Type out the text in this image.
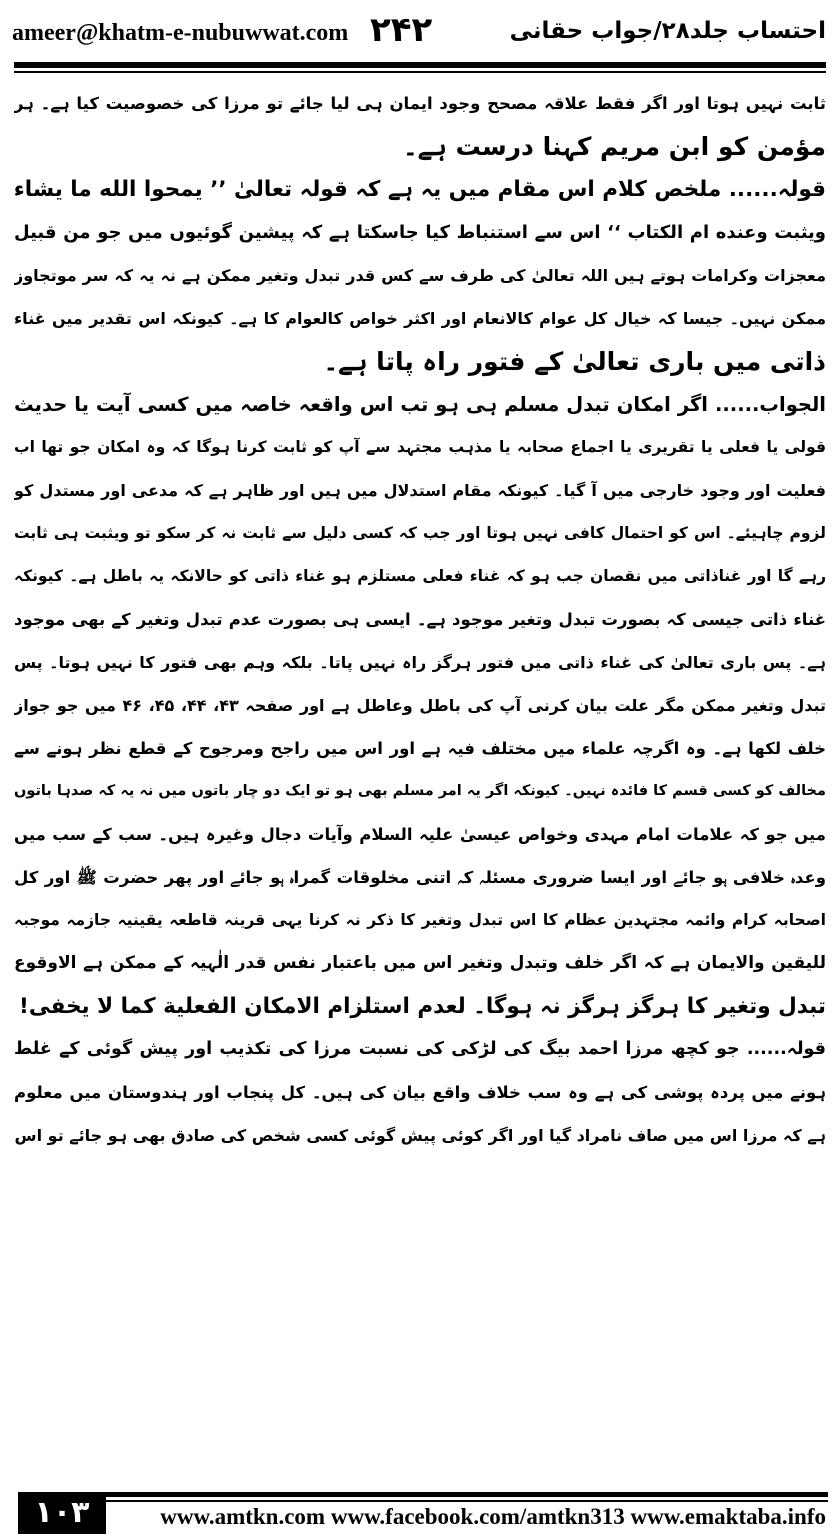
ameer@khatm-e-nubuwwat.com ۲۴۲	احتساب جلد۲۸/جواب حقانی
ثابت نہیں ہوتا اور اگر فقط علاقہ مصحح وجود ایمان ہی لیا جائے تو مرزا کی خصوصیت کیا ہے۔ ہر
مؤمن کو ابن مریم کہنا درست ہے۔
قولہ...... ملخص کلام اس مقام میں یہ ہے کہ قولہ تعالیٰ ’’ یمحوا الله ما یشاء
ویثبت وعنده ام الکتاب ‘‘ اس سے استنباط کیا جاسکتا ہے کہ پیشین گوئیوں میں جو من قبیل
معجزات وکرامات ہوتے ہیں اللہ تعالیٰ کی طرف سے کس قدر تبدل وتغیر ممکن ہے نہ یہ کہ سر موتجاوز
ممکن نہیں۔ جیسا کہ خیال کل عوام کالانعام اور اکثر خواص کالعوام کا ہے۔ کیونکہ اس تقدیر میں غناء
ذاتی میں باری تعالیٰ کے فتور راہ پاتا ہے۔
الجواب...... اگر امکان تبدل مسلم ہی ہو تب اس واقعہ خاصہ میں کسی آیت یا حدیث
قولی یا فعلی یا تقریری یا اجماع صحابہ یا مذہب مجتہد سے آپ کو ثابت کرنا ہوگا کہ وہ امکان جو تھا اب
فعلیت اور وجود خارجی میں آ گیا۔ کیونکہ مقام استدلال میں ہیں اور ظاہر ہے کہ مدعی اور مستدل کو
لزوم چاہیئے۔ اس کو احتمال کافی نہیں ہوتا اور جب کہ کسی دلیل سے ثابت نہ کر سکو تو ویثبت ہی ثابت
رہے گا اور غناذاتی میں نقصان جب ہو کہ غناء فعلی مستلزم ہو غناء ذاتی کو حالانکہ یہ باطل ہے۔ کیونکہ
غناء ذاتی جیسی کہ بصورت تبدل وتغیر موجود ہے۔ ایسی ہی بصورت عدم تبدل وتغیر کے بھی موجود
ہے۔ پس باری تعالیٰ کی غناء ذاتی میں فتور ہرگز راہ نہیں پاتا۔ بلکہ وہم بھی فتور کا نہیں ہوتا۔ پس
تبدل وتغیر ممکن مگر علت بیان کرنی آپ کی باطل وعاطل ہے اور صفحہ ۴۳، ۴۴، ۴۵، ۴۶ میں جو جواز
خلف لکھا ہے۔ وہ اگرچہ علماء میں مختلف فیہ ہے اور اس میں راجح ومرجوح کے قطع نظر ہونے سے
مخالف کو کسی قسم کا فائدہ نہیں۔ کیونکہ اگر یہ امر مسلم بھی ہو تو ایک دو چار باتوں میں نہ یہ کہ صدہا باتوں
میں جو کہ علامات امام مہدی وخواص عیسیٰ علیہ السلام وآیات دجال وغیرہ ہیں۔ سب کے سب میں
وعدہ خلافی ہو جائے اور ایسا ضروری مسئلہ کہ اتنی مخلوقات گمراہ ہو جائے اور پھر حضرت ﷺ اور کل
اصحابہ کرام وائمہ مجتہدین عظام کا اس تبدل وتغیر کا ذکر نہ کرنا یہی قرینہ قاطعہ یقینیہ جازمہ موجبہ
للیقین والایمان ہے کہ اگر خلف وتبدل وتغیر اس میں باعتبار نفس قدر الٰہیہ کے ممکن ہے الاوقوع
تبدل وتغیر کا ہرگز ہرگز نہ ہوگا۔ لعدم استلزام الامکان الفعلیة کما لا یخفی!
قولہ...... جو کچھ مرزا احمد بیگ کی لڑکی کی نسبت مرزا کی تکذیب اور پیش گوئی کے غلط
ہونے میں پردہ پوشی کی ہے وہ سب خلاف واقع بیان کی ہیں۔ کل پنجاب اور ہندوستان میں معلوم
ہے کہ مرزا اس میں صاف نامراد گیا اور اگر کوئی پیش گوئی کسی شخص کی صادق بھی ہو جائے تو اس
۱۰۳	www.amtkn.com www.facebook.com/amtkn313 www.emaktaba.info
